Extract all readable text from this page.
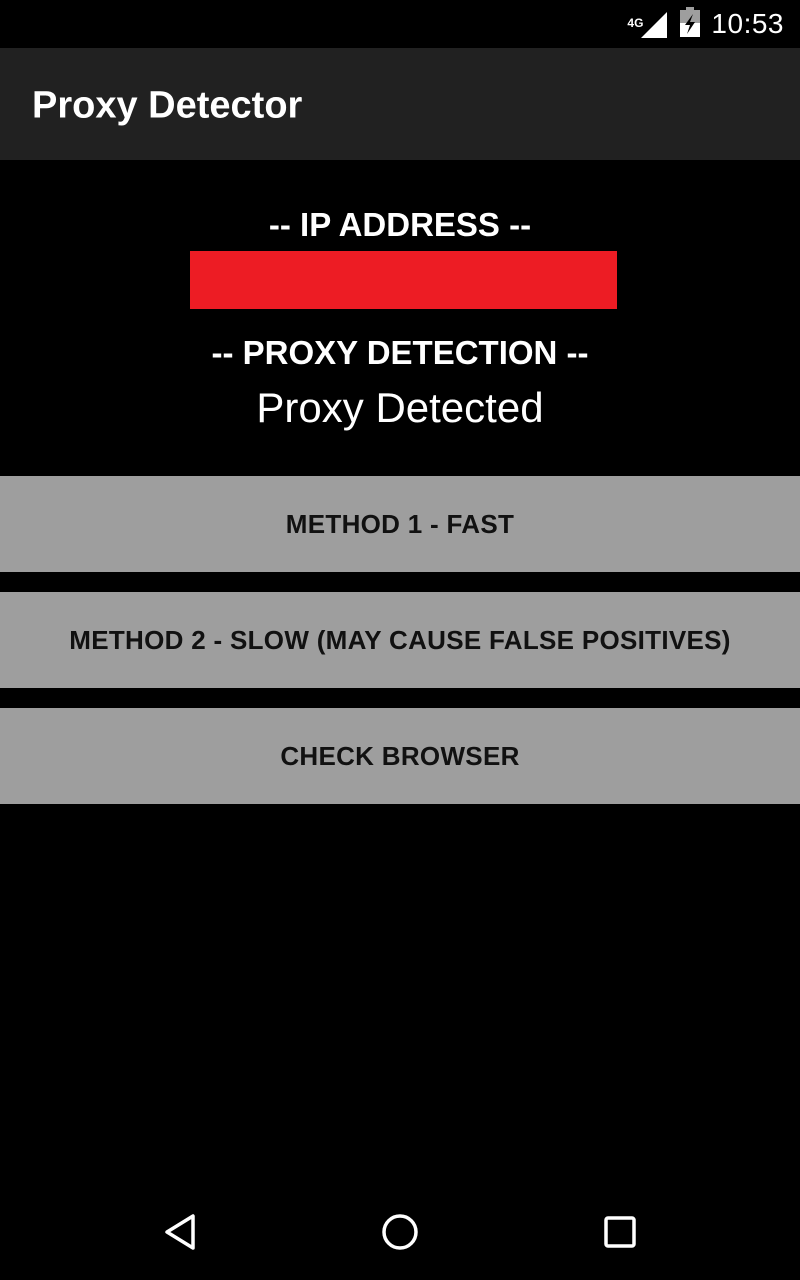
4G 10:53
Proxy Detector
-- IP ADDRESS --
-- PROXY DETECTION --
Proxy Detected
METHOD 1 - FAST
METHOD 2 - SLOW (MAY CAUSE FALSE POSITIVES)
CHECK BROWSER
